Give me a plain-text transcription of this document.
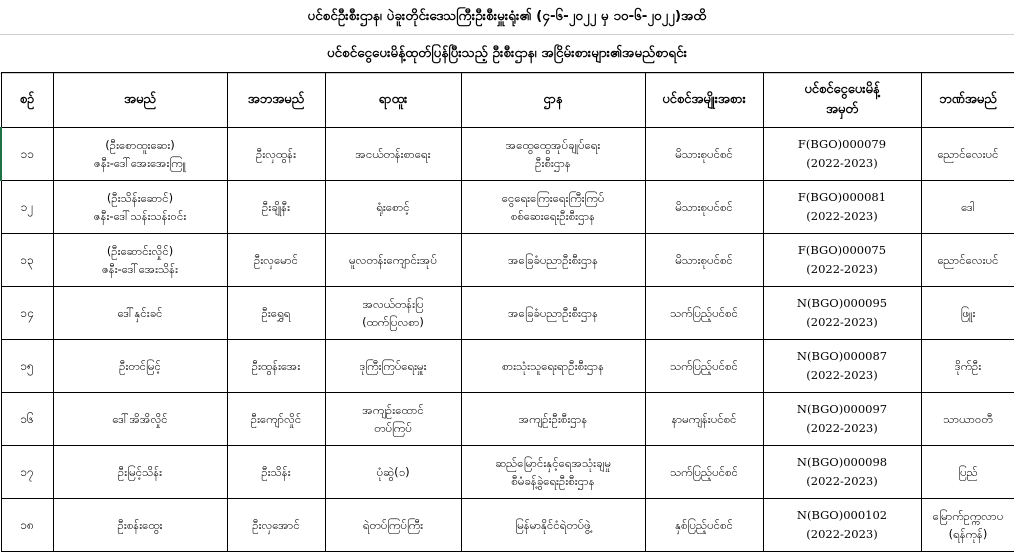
ပင်စင်ဦးစီးဌာန၊ ပဲခူးတိုင်းဒေသကြီးဦးစီးမှူးရုံး၏ (၄-၆-၂၀၂၂ မှ ၁၀-၆-၂၀၂၂)အထိ
ပင်စင်ငွေပေးမိန့်ထုတ်ပြန်ပြီးသည့် ဦးစီးဌာန၊ အငြိမ်းစားများ၏အမည်စာရင်း
စဉ်	အမည်	အဘအမည်	ရာထူး	ဌာန	ပင်စင်အမျိုးအစား	ပင်စင်ငွေပေးမိန့်
အမှတ်	ဘဏ်အမည်

၁၁	(ဦးစောထူးဆေး)
ဇနီး-ဒေါ်အေးအေးကြူ	ဦးလှထွန်း	အငယ်တန်းစာရေး	အထွေထွေအုပ်ချုပ်ရေး
ဦးစီးဌာန	မိသားစုပင်စင်	F(BGO)000079
(2022-2023)	ညောင်လေးပင်

၁၂	(ဦးသိန်းဆောင်)
ဇနီး-ဒေါ်သန်းသန်းဝင်း	ဦးချိုနီး	ရုံးစောင့်	ငွေရေးကြေးရေးကြီးကြပ်
စစ်ဆေးရေးဦးစီးဌာန	မိသားစုပင်စင်	F(BGO)000081
(2022-2023)	ဒေါ

၁၃	(ဦးဆောင်းလှိုင်)
ဇနီး-ဒေါ်အေးသိန်း	ဦးလှမောင်	မူလတန်းကျောင်းအုပ်	အခြေခံပညာဦးစီးဌာန	မိသားစုပင်စင်	F(BGO)000075
(2022-2023)	ညောင်လေးပင်

၁၄	ဒေါ်နှင်းခင်	ဦးရွှေရ	အလယ်တန်းပြ
(ထက်ပြလစာ)	အခြေခံပညာဦးစီးဌာန	သက်ပြည့်ပင်စင်	N(BGO)000095
(2022-2023)	ဖြူး

၁၅	ဦးတင်မြင့်	ဦးထွန်းအေး	ဒုကြီးကြပ်ရေးမှူး	စားသုံးသူရေးရာဦးစီးဌာန	သက်ပြည့်ပင်စင်	N(BGO)000087
(2022-2023)	ဒိုက်ဦး

၁၆	ဒေါ်အိအိလှိုင်	ဦးကျော်လှိုင်	အကျဉ်းထောင်
တပ်ကြပ်	အကျဉ်းဦးစီးဌာန	နာမကျန်းပင်စင်	N(BGO)000097
(2022-2023)	သာယာဝတီ

၁၇	ဦးမြင့်သိန်း	ဦးသိန်း	ပုံဆွဲ(၁)	ဆည်မြောင်းနှင့်ရေအသုံးချမှု
စီမံခန့်ခွဲရေးဦးစီးဌာန	သက်ပြည့်ပင်စင်	N(BGO)000098
(2022-2023)	ပြည်

၁၈	ဦးစန်းထွေး	ဦးလှအောင်	ရဲတပ်ကြပ်ကြီး	မြန်မာနိုင်ငံရဲတပ်ဖွဲ့	နှစ်ပြည့်ပင်စင်	N(BGO)000102
(2022-2023)	မြောက်ဥက္ကလာပ
(ရန်ကုန်)
